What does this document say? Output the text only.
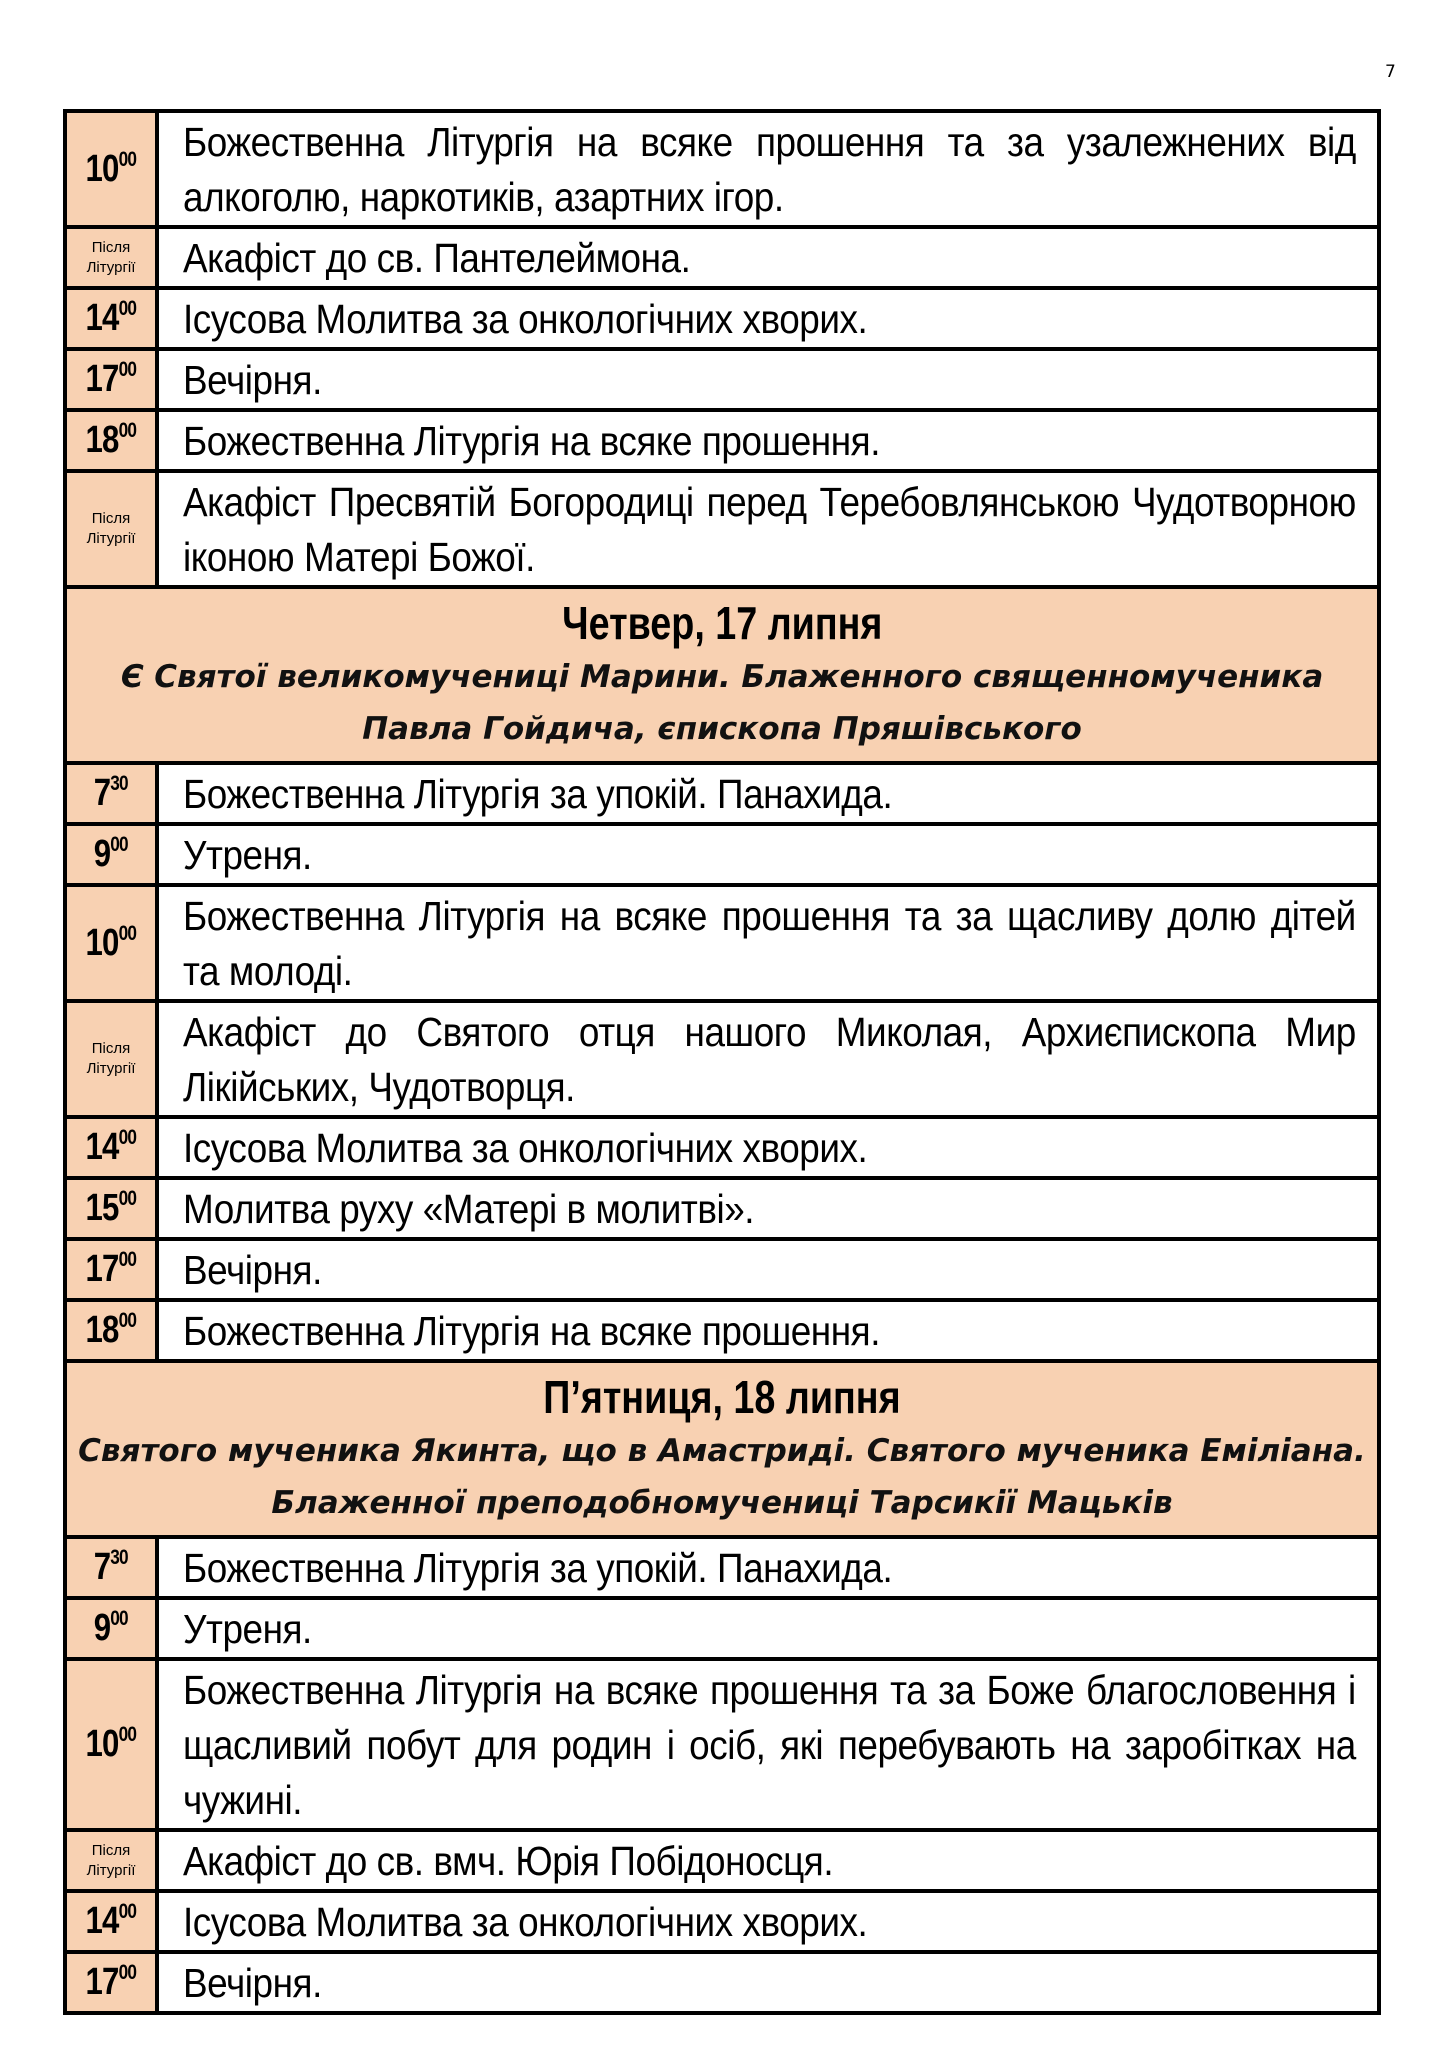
7
$10^{00}$	Божественна Літургія на всяке прошення та за узалежнених від алкоголю, наркотиків, азартних ігор.

Після Літургії	Акафіст до св. Пантелеймона.

$14^{00}$	Ісусова Молитва за онкологічних хворих.

$17^{00}$	Вечірня.

$18^{00}$	Божественна Літургія на всяке прошення.

Після Літургії	Акафіст Пресвятій Богородиці перед Теребовлянською Чудотворною іконою Матері Божої.

Четвер, 17 липня

Є Святої великомучениці Марини. Блаженного священномученика Павла Гойдича, єпископа Пряшівського	

$7^{30}$	Божественна Літургія за упокій. Панахида.

$9^{00}$	Утреня.

$10^{00}$	Божественна Літургія на всяке прошення та за щасливу долю дітей та молоді.

Після Літургії	Акафіст до Святого отця нашого Миколая, Архиєпископа Мир Лікійських, Чудотворця.

$14^{00}$	Ісусова Молитва за онкологічних хворих.

$15^{00}$	Молитва руху «Матері в молитві».

$17^{00}$	Вечірня.

$18^{00}$	Божественна Літургія на всяке прошення.

П’ятниця, 18 липня

Святого мученика Якинта, що в Амастриді. Святого мученика Еміліана. Блаженної преподобномучениці Тарсикії Мацьків	

$7^{30}$	Божественна Літургія за упокій. Панахида.

$9^{00}$	Утреня.

$10^{00}$	Божественна Літургія на всяке прошення та за Боже благословення і щасливий побут для родин і осіб, які перебувають на заробітках на чужині.

Після Літургії	Акафіст до св. вмч. Юрія Побідоносця.

$14^{00}$	Ісусова Молитва за онкологічних хворих.

$17^{00}$	Вечірня.
